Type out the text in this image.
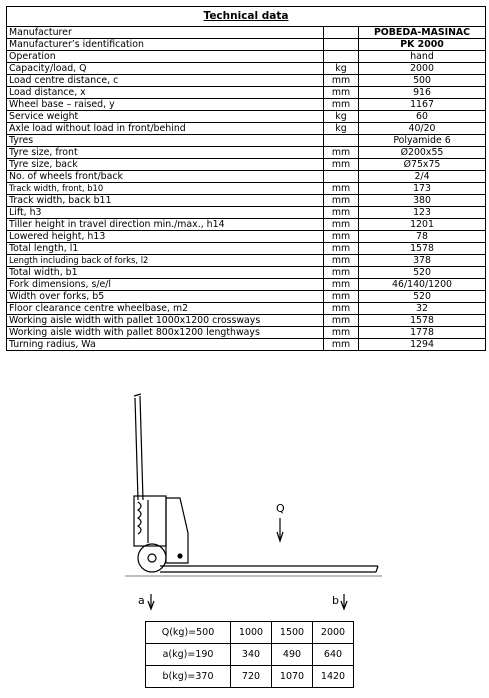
Technical data		
Manufacturer		POBEDA-MASINAC
Manufacturer’s identification		PK 2000
Operation		hand
Capacity/load, Q	kg	2000
Load centre distance, c	mm	500
Load distance, x	mm	916
Wheel base – raised, y	mm	1167
Service weight	kg	60
Axle load without load in front/behind	kg	40/20
Tyres		Polyamide 6
Tyre size, front	mm	Ø200x55
Tyre size, back	mm	Ø75x75
No. of wheels front/back		2/4
Track width, front, b10	mm	173
Track width, back b11	mm	380
Lift, h3	mm	123
Tiller height in travel direction min./max., h14	mm	1201
Lowered height, h13	mm	78
Total length, l1	mm	1578
Length including back of forks, l2	mm	378
Total width, b1	mm	520
Fork dimensions, s/e/l	mm	46/140/1200
Width over forks, b5	mm	520
Floor clearance centre wheelbase, m2	mm	32
Working aisle width with pallet 1000x1200 crossways	mm	1578
Working aisle width with pallet 800x1200 lengthways	mm	1778
Turning radius, Wa	mm	1294
Q
a	b
Q(kg)=500	1000	1500	2000
a(kg)=190	340	490	640
b(kg)=370	720	1070	1420
